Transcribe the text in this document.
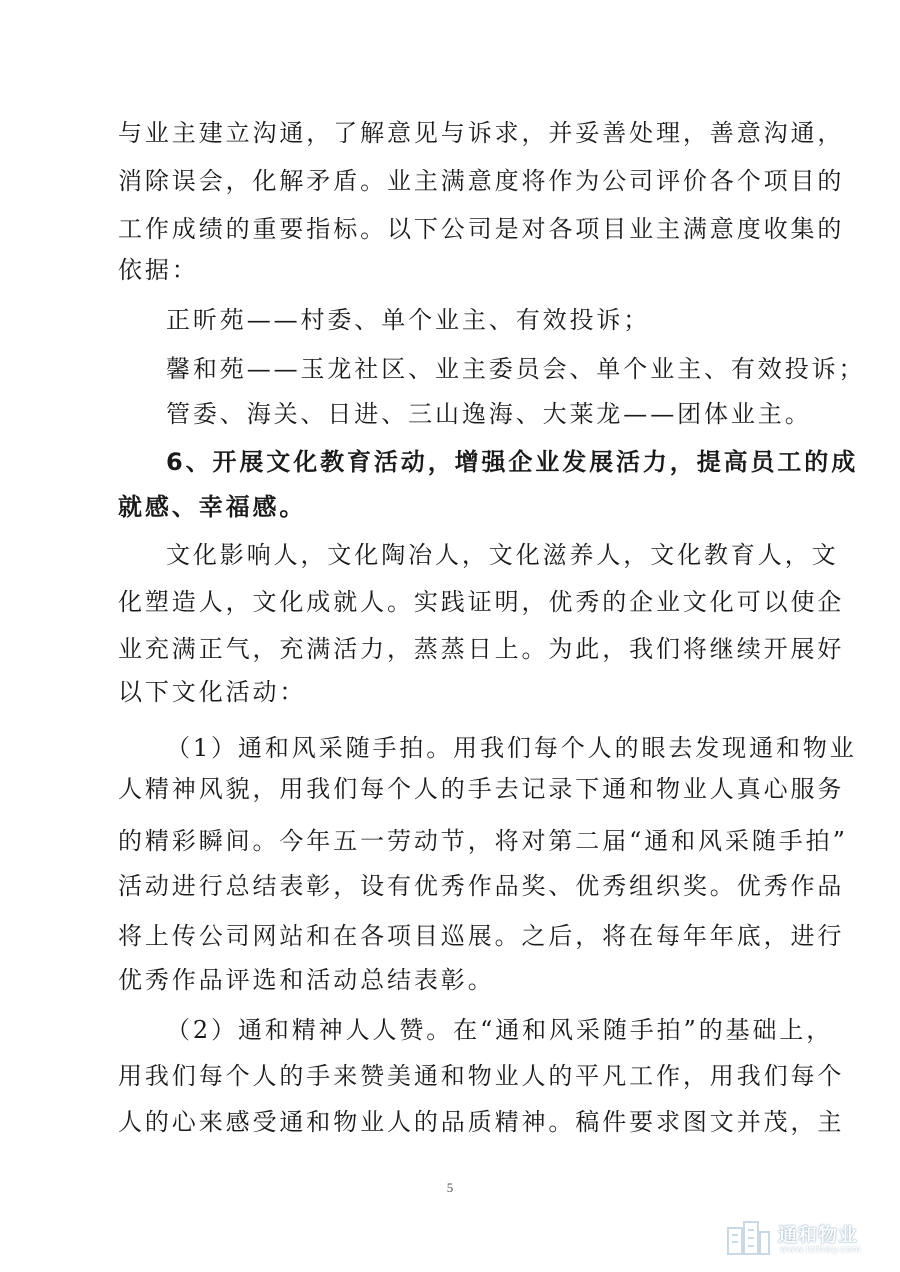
与业主建立沟通，了解意见与诉求，并妥善处理，善意沟通，
消除误会，化解矛盾。业主满意度将作为公司评价各个项目的
工作成绩的重要指标。以下公司是对各项目业主满意度收集的
依据：
正昕苑——村委、单个业主、有效投诉；
馨和苑——玉龙社区、业主委员会、单个业主、有效投诉；
管委、海关、日进、三山逸海、大莱龙——团体业主。
6、开展文化教育活动，增强企业发展活力，提高员工的成
就感、幸福感。
文化影响人，文化陶冶人，文化滋养人，文化教育人，文
化塑造人，文化成就人。实践证明，优秀的企业文化可以使企
业充满正气，充满活力，蒸蒸日上。为此，我们将继续开展好
以下文化活动：
（1）通和风采随手拍。用我们每个人的眼去发现通和物业
人精神风貌，用我们每个人的手去记录下通和物业人真心服务
的精彩瞬间。今年五一劳动节，将对第二届“通和风采随手拍”
活动进行总结表彰，设有优秀作品奖、优秀组织奖。优秀作品
将上传公司网站和在各项目巡展。之后，将在每年年底，进行
优秀作品评选和活动总结表彰。
（2）通和精神人人赞。在“通和风采随手拍”的基础上，
用我们每个人的手来赞美通和物业人的平凡工作，用我们每个
人的心来感受通和物业人的品质精神。稿件要求图文并茂，主
5
通和物业
www.lzthwy.com
